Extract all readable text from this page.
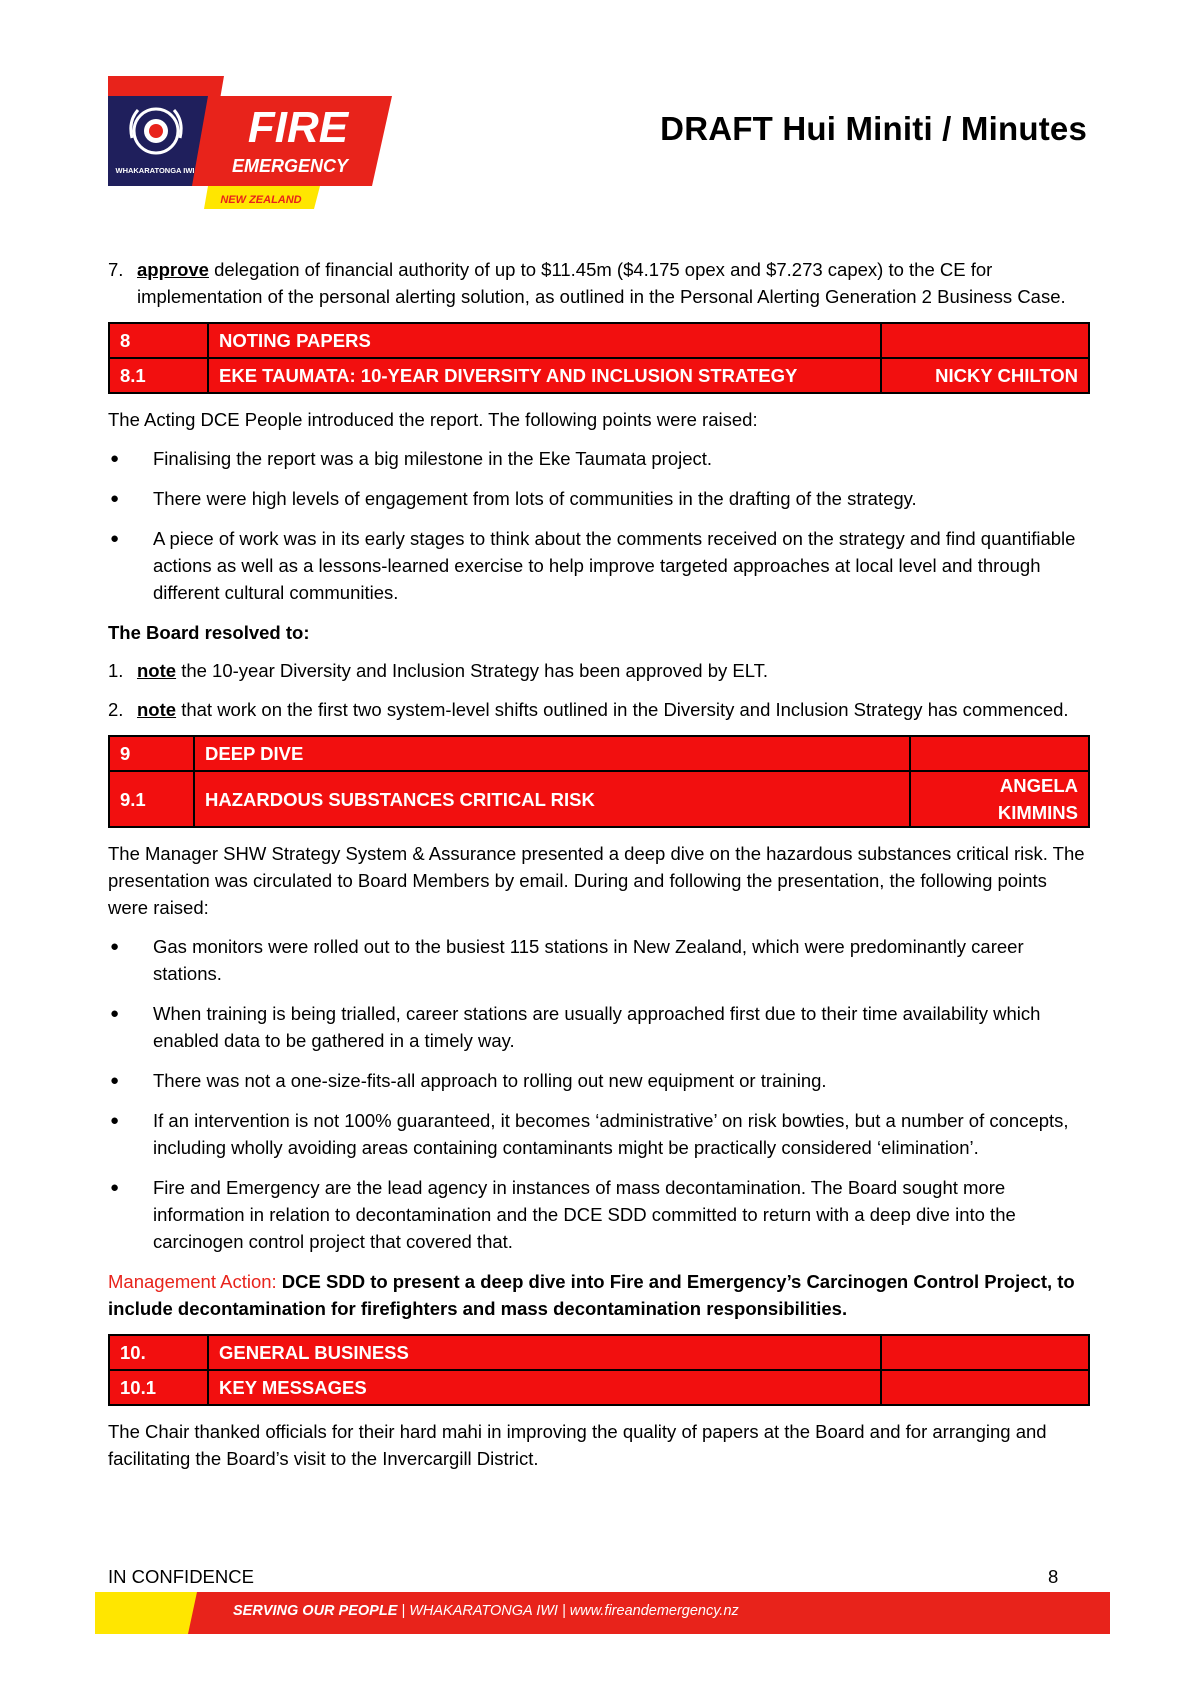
WHAKARATONGA IWI
FIRE
EMERGENCY
NEW ZEALAND
DRAFT Hui Miniti / Minutes
7. approve delegation of financial authority of up to $11.45m ($4.175 opex and $7.273 capex) to the CE for implementation of the personal alerting solution, as outlined in the Personal Alerting Generation 2 Business Case.
8	NOTING PAPERS	
8.1	EKE TAUMATA: 10-YEAR DIVERSITY AND INCLUSION STRATEGY	NICKY CHILTON

The Acting DCE People introduced the report. The following points were raised:

●	Finalising the report was a big milestone in the Eke Taumata project.
●	There were high levels of engagement from lots of communities in the drafting of the strategy.
●	A piece of work was in its early stages to think about the comments received on the strategy and find quantifiable actions as well as a lessons-learned exercise to help improve targeted approaches at local level and through different cultural communities.

The Board resolved to:

1. note the 10-year Diversity and Inclusion Strategy has been approved by ELT.
2. note that work on the first two system-level shifts outlined in the Diversity and Inclusion Strategy has commenced.
9	DEEP DIVE	
9.1	HAZARDOUS SUBSTANCES CRITICAL RISK	ANGELA KIMMINS

The Manager SHW Strategy System & Assurance presented a deep dive on the hazardous substances critical risk. The presentation was circulated to Board Members by email. During and following the presentation, the following points were raised:

●	Gas monitors were rolled out to the busiest 115 stations in New Zealand, which were predominantly career stations.
●	When training is being trialled, career stations are usually approached first due to their time availability which enabled data to be gathered in a timely way.
●	There was not a one-size-fits-all approach to rolling out new equipment or training.
●	If an intervention is not 100% guaranteed, it becomes ‘administrative’ on risk bowties, but a number of concepts, including wholly avoiding areas containing contaminants might be practically considered ‘elimination’.
●	Fire and Emergency are the lead agency in instances of mass decontamination. The Board sought more information in relation to decontamination and the DCE SDD committed to return with a deep dive into the carcinogen control project that covered that.

Management Action: DCE SDD to present a deep dive into Fire and Emergency’s Carcinogen Control Project, to include decontamination for firefighters and mass decontamination responsibilities.

10.	GENERAL BUSINESS	
10.1	KEY MESSAGES	

The Chair thanked officials for their hard mahi in improving the quality of papers at the Board and for arranging and facilitating the Board’s visit to the Invercargill District.

IN CONFIDENCE	8
SERVING OUR PEOPLE | WHAKARATONGA IWI | www.fireandemergency.nz
